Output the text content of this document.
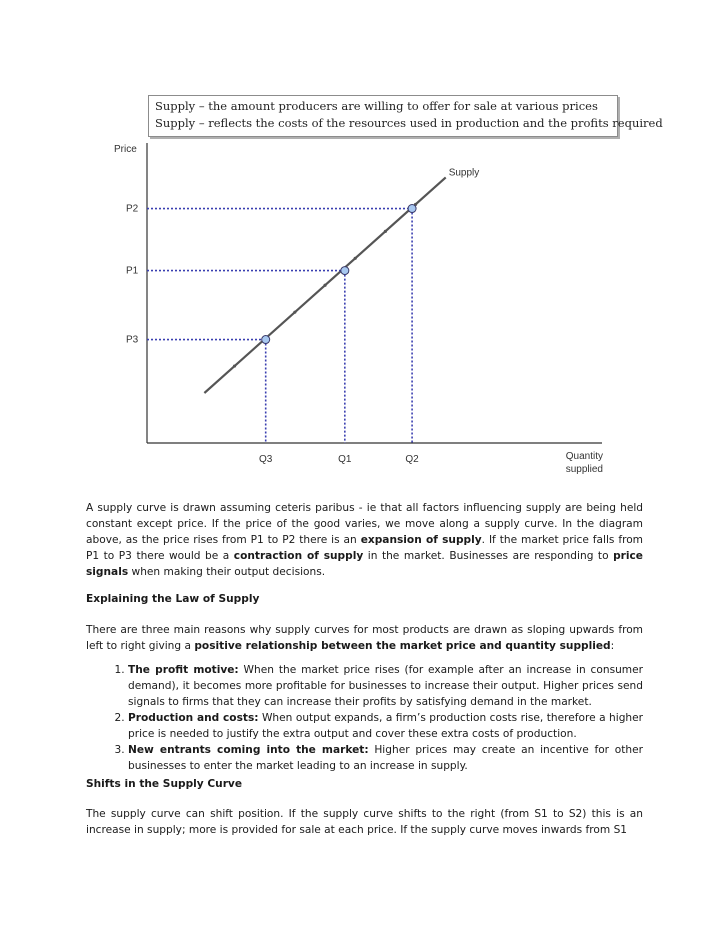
Supply – the amount producers are willing to offer for sale at various prices
Supply – reflects the costs of the resources used in production and the profits required
Price
Quantity
supplied
Supply
P3
Q3
P1
Q1
P2
Q2
A supply curve is drawn assuming ceteris paribus - ie that all factors influencing supply are being held constant except price. If the price of the good varies, we move along a supply curve. In the diagram above, as the price rises from P1 to P2 there is an expansion of supply. If the market price falls from P1 to P3 there would be a contraction of supply in the market. Businesses are responding to price signals when making their output decisions.
Explaining the Law of Supply
There are three main reasons why supply curves for most products are drawn as sloping upwards from left to right giving a positive relationship between the market price and quantity supplied:
1. The profit motive: When the market price rises (for example after an increase in consumer demand), it becomes more profitable for businesses to increase their output. Higher prices send signals to firms that they can increase their profits by satisfying demand in the market.
2. Production and costs: When output expands, a firm’s production costs rise, therefore a higher price is needed to justify the extra output and cover these extra costs of production.
3. New entrants coming into the market: Higher prices may create an incentive for other businesses to enter the market leading to an increase in supply.
Shifts in the Supply Curve
The supply curve can shift position. If the supply curve shifts to the right (from S1 to S2) this is an increase in supply; more is provided for sale at each price. If the supply curve moves inwards from S1
